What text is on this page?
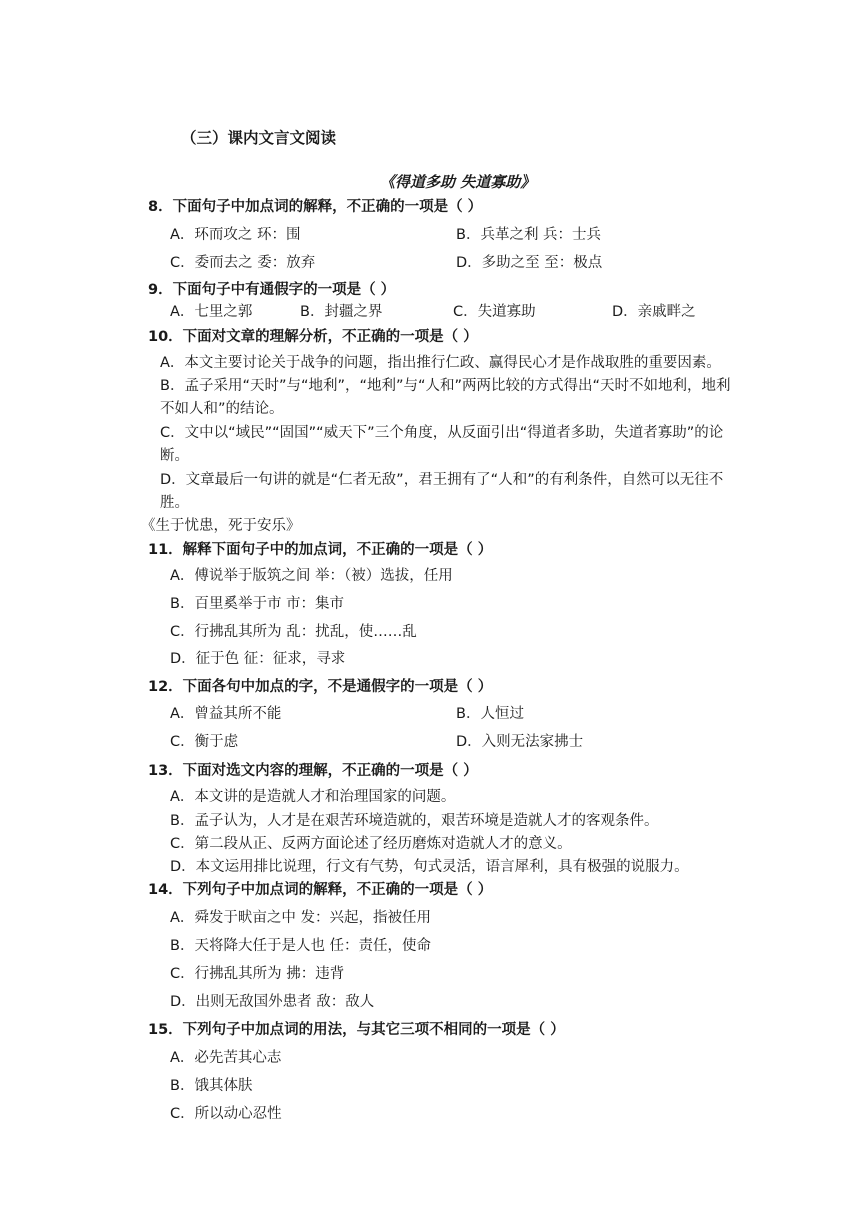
（三）课内文言文阅读
《得道多助 失道寡助》
8．下面句子中加点词的解释，不正确的一项是（ ）
A．环而攻之 环：围	B．兵革之利 兵：士兵
C．委而去之 委：放弃	D．多助之至 至：极点
9．下面句子中有通假字的一项是（ ）
A．七里之郭	B．封疆之界	C．失道寡助	D．亲戚畔之
10．下面对文章的理解分析，不正确的一项是（ ）
A．本文主要讨论关于战争的问题，指出推行仁政、赢得民心才是作战取胜的重要因素。
B．孟子采用“天时”与“地利”，“地利”与“人和”两两比较的方式得出“天时不如地利，地利
不如人和”的结论。
C．文中以“域民”“固国”“威天下”三个角度，从反面引出“得道者多助，失道者寡助”的论
断。
D．文章最后一句讲的就是“仁者无敌”，君王拥有了“人和”的有利条件，自然可以无往不
胜。
《生于忧患，死于安乐》
11．解释下面句子中的加点词，不正确的一项是（ ）
A．傅说举于版筑之间 举：（被）选拔，任用
B．百里奚举于市 市：集市
C．行拂乱其所为 乱：扰乱，使……乱
D．征于色 征：征求，寻求
12．下面各句中加点的字，不是通假字的一项是（ ）
A．曾益其所不能	B．人恒过
C．衡于虑	D．入则无法家拂士
13．下面对选文内容的理解，不正确的一项是（ ）
A．本文讲的是造就人才和治理国家的问题。
B．孟子认为，人才是在艰苦环境造就的，艰苦环境是造就人才的客观条件。
C．第二段从正、反两方面论述了经历磨炼对造就人才的意义。
D．本文运用排比说理，行文有气势，句式灵活，语言犀利，具有极强的说服力。
14．下列句子中加点词的解释，不正确的一项是（ ）
A．舜发于畎亩之中 发：兴起，指被任用
B．天将降大任于是人也 任：责任，使命
C．行拂乱其所为 拂：违背
D．出则无敌国外患者 敌：敌人
15．下列句子中加点词的用法，与其它三项不相同的一项是（ ）
A．必先苦其心志
B．饿其体肤
C．所以动心忍性
